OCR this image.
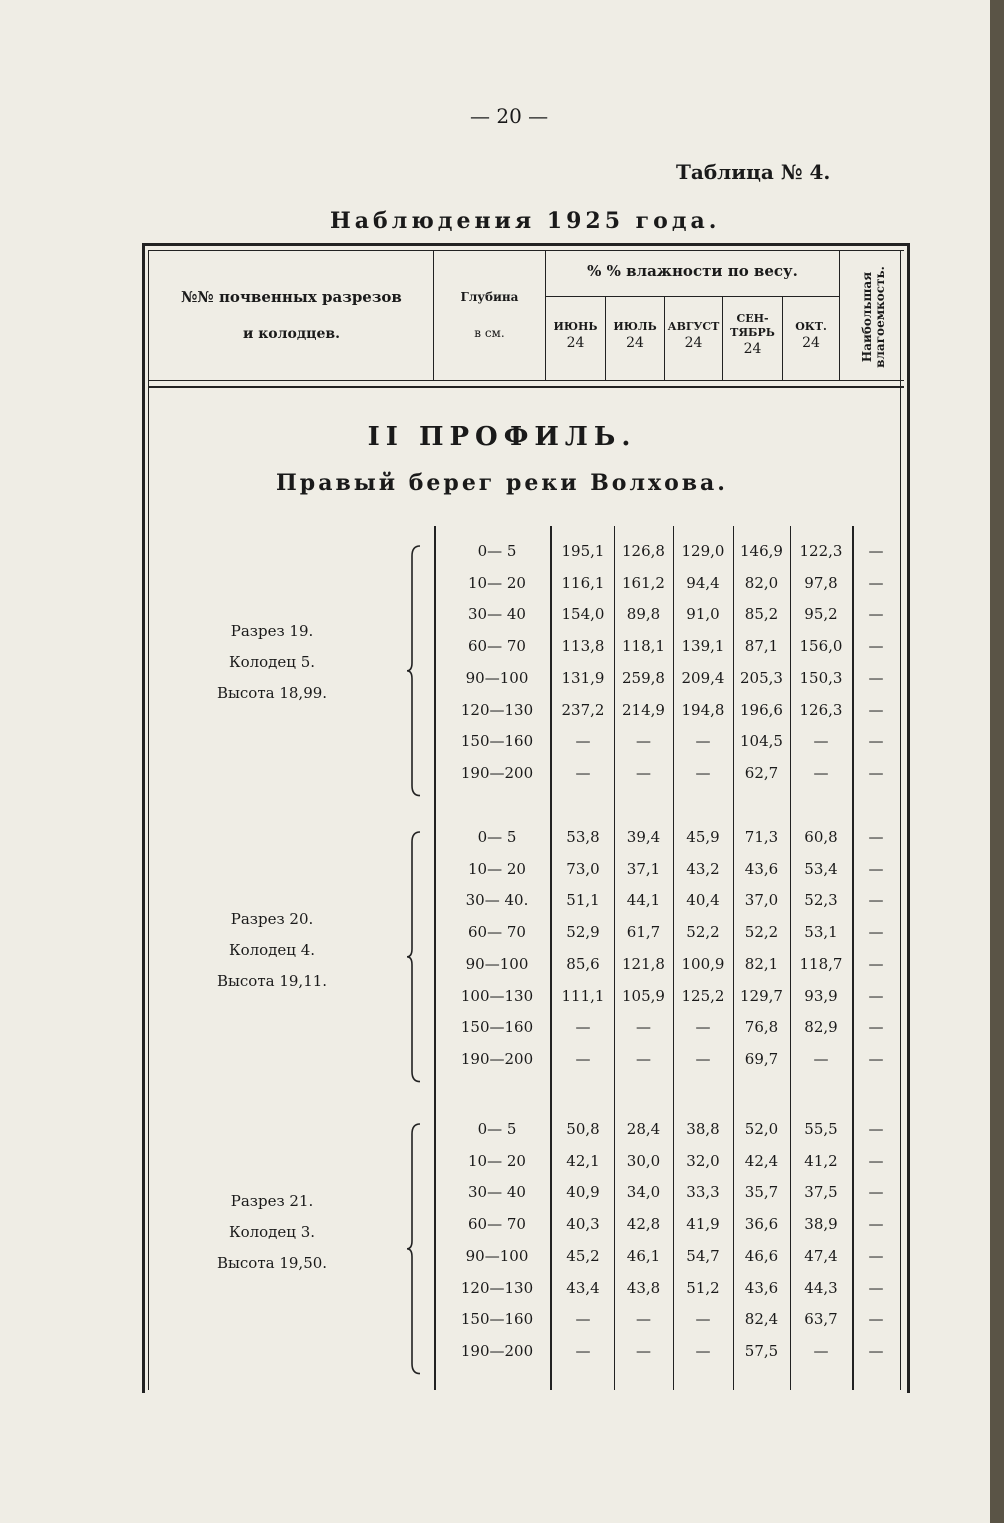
— 20 —
Таблица № 4.
Наблюдения 1925 года.
№№ почвенных разрезов
и колодцев.
Глубина
в см.
% % влажности по весу.
ИЮНЬ
24
ИЮЛЬ
24
АВГУСТ
24
СЕН-
ТЯБРЬ
24
ОКТ.
24	Наибольшая
влагоемкость.
II ПРОФИЛЬ.
Правый берег реки Волхова.
Разрез 19.
Колодец 5.
Высота 18,99.
0— 5	195,1	126,8	129,0	146,9	122,3	—
10— 20	116,1	161,2	94,4	82,0	97,8	—
30— 40	154,0	89,8	91,0	85,2	95,2	—
60— 70	113,8	118,1	139,1	87,1	156,0	—
90—100	131,9	259,8	209,4	205,3	150,3	—
120—130	237,2	214,9	194,8	196,6	126,3	—
150—160	—	—	—	104,5	—	—
190—200	—	—	—	62,7	—	—
Разрез 20.
Колодец 4.
Высота 19,11.
0— 5	53,8	39,4	45,9	71,3	60,8	—
10— 20	73,0	37,1	43,2	43,6	53,4	—
30— 40.	51,1	44,1	40,4	37,0	52,3	—
60— 70	52,9	61,7	52,2	52,2	53,1	—
90—100	85,6	121,8	100,9	82,1	118,7	—
100—130	111,1	105,9	125,2	129,7	93,9	—
150—160	—	—	—	76,8	82,9	—
190—200	—	—	—	69,7	—	—
Разрез 21.
Колодец 3.
Высота 19,50.
0— 5	50,8	28,4	38,8	52,0	55,5	—
10— 20	42,1	30,0	32,0	42,4	41,2	—
30— 40	40,9	34,0	33,3	35,7	37,5	—
60— 70	40,3	42,8	41,9	36,6	38,9	—
90—100	45,2	46,1	54,7	46,6	47,4	—
120—130	43,4	43,8	51,2	43,6	44,3	—
150—160	—	—	—	82,4	63,7	—
190—200	—	—	—	57,5	—	—
